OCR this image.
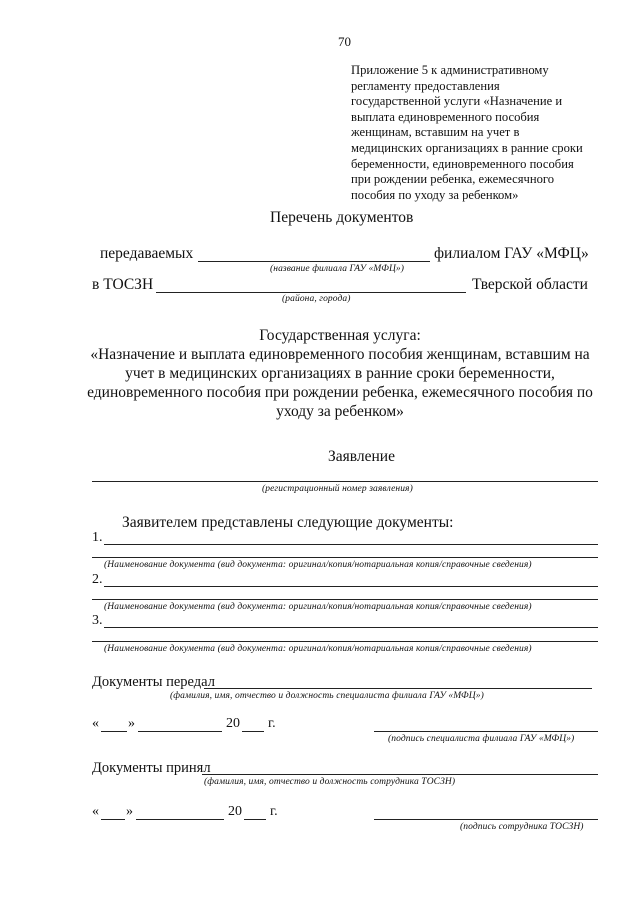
70
Приложение 5 к административному
регламенту предоставления
государственной услуги «Назначение и
выплата единовременного пособия
женщинам, вставшим на учет в
медицинских организациях в ранние сроки
беременности, единовременного пособия
при рождении ребенка, ежемесячного
пособия по уходу за ребенком»
Перечень документов
передаваемых	филиалом ГАУ «МФЦ»
(название филиала ГАУ «МФЦ»)
в ТОСЗН	Тверской области
(района, города)
Государственная услуга:
«Назначение и выплата единовременного пособия женщинам, вставшим на
учет в медицинских организациях в ранние сроки беременности,
единовременного пособия при рождении ребенка, ежемесячного пособия по
уходу за ребенком»
Заявление
(регистрационный номер заявления)
Заявителем представлены следующие документы:
1.
(Наименование документа (вид документа: оригинал/копия/нотариальная копия/справочные сведения)
2.
(Наименование документа (вид документа: оригинал/копия/нотариальная копия/справочные сведения)
3.
(Наименование документа (вид документа: оригинал/копия/нотариальная копия/справочные сведения)
Документы передал
(фамилия, имя, отчество и должность специалиста филиала ГАУ «МФЦ»)
« »	20 г.
(подпись специалиста филиала ГАУ «МФЦ»)
Документы принял
(фамилия, имя, отчество и должность сотрудника ТОСЗН)
« »	20 г.
(подпись сотрудника ТОСЗН)
